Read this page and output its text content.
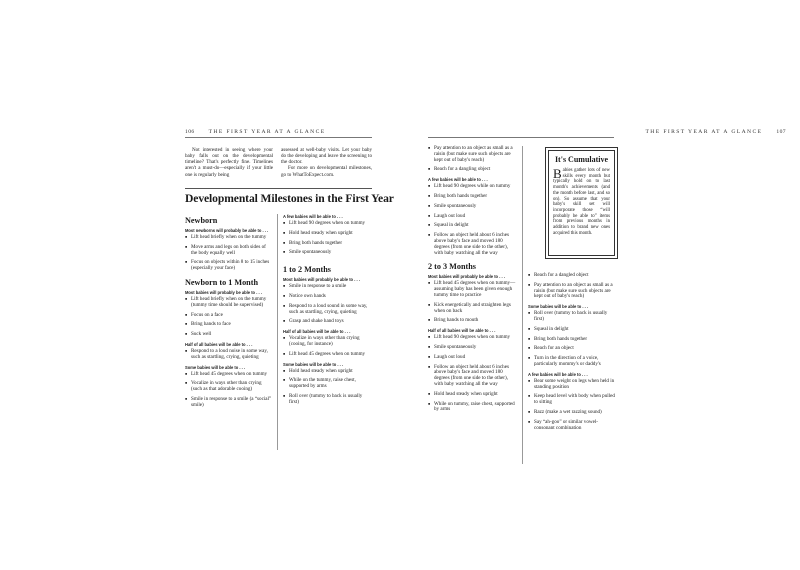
106	THE FIRST YEAR AT A GLANCE

Not interested in seeing where your baby falls out on the developmental timeline? That's perfectly fine. Timelines aren't a must-do—especially if your little one is regularly being

assessed at well-baby visits. Let your baby do the developing and leave the screening to the doctor.

For more on developmental milestones, go to WhatToExpect.com.

Developmental Milestones in the First Year
Newborn
Most newborns will probably be able to . . .
■ Lift head briefly when on the tummy
■ Move arms and legs on both sides of the body equally well
■ Focus on objects within 8 to 15 inches (especially your face)
Newborn to 1 Month
Most babies will probably be able to . . .
■ Lift head briefly when on the tummy (tummy time should be supervised)
■ Focus on a face
■ Bring hands to face
■ Suck well
Half of all babies will be able to . . .
■ Respond to a loud noise in some way, such as startling, crying, quieting
Some babies will be able to . . .
■ Lift head 45 degrees when on tummy
■ Vocalize in ways other than crying (such as that adorable cooing)
■ Smile in response to a smile (a “social” smile)
A few babies will be able to . . .
■ Lift head 90 degrees when on tummy
■ Hold head steady when upright
■ Bring both hands together
■ Smile spontaneously
1 to 2 Months
Most babies will probably be able to . . .
■ Smile in response to a smile
■ Notice own hands
■ Respond to a loud sound in some way, such as startling, crying, quieting
■ Grasp and shake hand toys
Half of all babies will be able to . . .
■ Vocalize in ways other than crying (cooing, for instance)
■ Lift head 45 degrees when on tummy
Some babies will be able to . . .
■ Hold head steady when upright
■ While on the tummy, raise chest, supported by arms
■ Roll over (tummy to back is usually first)
THE FIRST YEAR AT A GLANCE	107
■ Pay attention to an object as small as a raisin (but make sure such objects are kept out of baby's reach)
■ Reach for a dangling object
A few babies will be able to . . .
■ Lift head 90 degrees while on tummy
■ Bring both hands together
■ Smile spontaneously
■ Laugh out loud
■ Squeal in delight
■ Follow an object held about 6 inches above baby's face and moved 180 degrees (from one side to the other), with baby watching all the way
2 to 3 Months
Most babies will probably be able to . . .
■ Lift head 45 degrees when on tummy—assuming baby has been given enough tummy time to practice
■ Kick energetically and straighten legs when on back
■ Bring hands to mouth
Half of all babies will be able to . . .
■ Lift head 90 degrees when on tummy
■ Smile spontaneously
■ Laugh out loud
■ Follow an object held about 6 inches above baby's face and moved 180 degrees (from one side to the other), with baby watching all the way
■ Hold head steady when upright
■ While on tummy, raise chest, supported by arms
It's Cumulative
Babies gather lots of new skills every month but typically hold on to last month's achievements (and the month before last, and so on). So assume that your baby's skill set will incorporate those “will probably be able to” items from previous months in addition to brand new ones acquired this month.
■ Reach for a dangled object
■ Pay attention to an object as small as a raisin (but make sure such objects are kept out of baby's reach)
Some babies will be able to . . .
■ Roll over (tummy to back is usually first)
■ Squeal in delight
■ Bring both hands together
■ Reach for an object
■ Turn in the direction of a voice, particularly mommy's or daddy's
A few babies will be able to . . .
■ Bear some weight on legs when held in standing position
■ Keep head level with body when pulled to sitting
■ Razz (make a wet razzing sound)
■ Say “ah-goo” or similar vowel-consonant combination
